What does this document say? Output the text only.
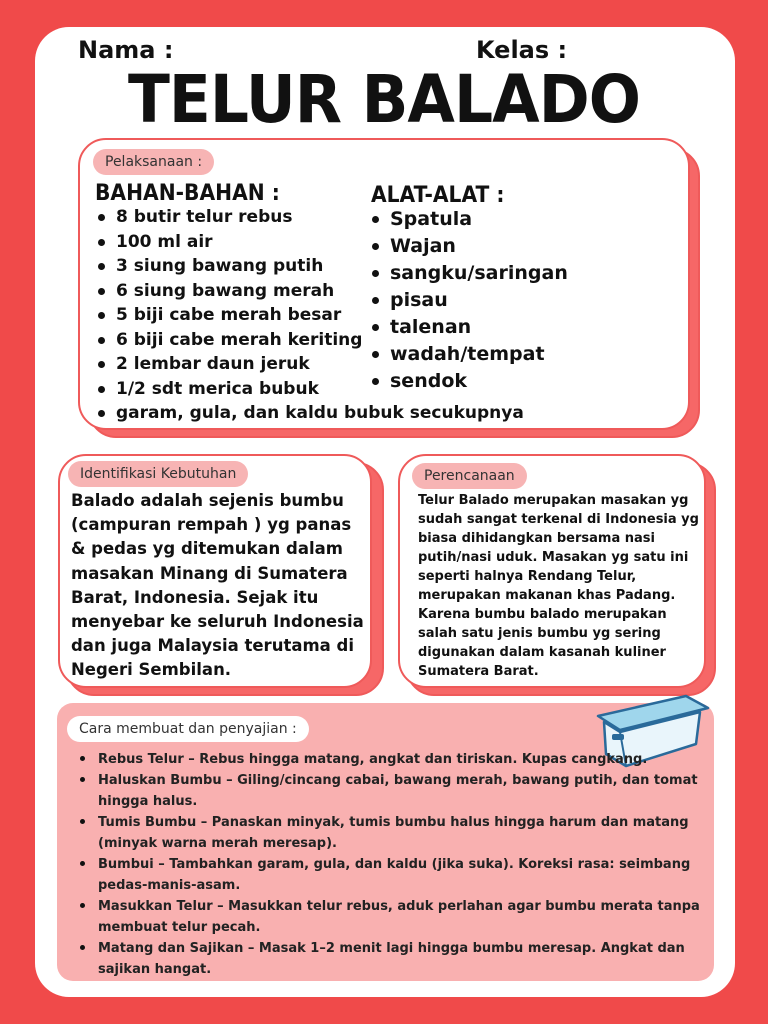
Nama :	Kelas :
TELUR BALADO
Pelaksanaan :
BAHAN-BAHAN :
8 butir telur rebus
100 ml air
3 siung bawang putih
6 siung bawang merah
5 biji cabe merah besar
6 biji cabe merah keriting
2 lembar daun jeruk
1/2 sdt merica bubuk
garam, gula, dan kaldu bubuk secukupnya
ALAT-ALAT :
Spatula
Wajan
sangku/saringan
pisau
talenan
wadah/tempat
sendok
Identifikasi Kebutuhan
Balado adalah sejenis bumbu (campuran rempah ) yg panas & pedas yg ditemukan dalam masakan Minang di Sumatera Barat, Indonesia. Sejak itu menyebar ke seluruh Indonesia dan juga Malaysia terutama di Negeri Sembilan.
Perencanaan
Telur Balado merupakan masakan yg sudah sangat terkenal di Indonesia yg biasa dihidangkan bersama nasi putih/nasi uduk. Masakan yg satu ini seperti halnya Rendang Telur, merupakan makanan khas Padang. Karena bumbu balado merupakan salah satu jenis bumbu yg sering digunakan dalam kasanah kuliner Sumatera Barat.
Cara membuat dan penyajian :
Rebus Telur – Rebus hingga matang, angkat dan tiriskan. Kupas cangkang.
Haluskan Bumbu – Giling/cincang cabai, bawang merah, bawang putih, dan tomat hingga halus.
Tumis Bumbu – Panaskan minyak, tumis bumbu halus hingga harum dan matang (minyak warna merah meresap).
Bumbui – Tambahkan garam, gula, dan kaldu (jika suka). Koreksi rasa: seimbang pedas-manis-asam.
Masukkan Telur – Masukkan telur rebus, aduk perlahan agar bumbu merata tanpa membuat telur pecah.
Matang dan Sajikan – Masak 1–2 menit lagi hingga bumbu meresap. Angkat dan sajikan hangat.
